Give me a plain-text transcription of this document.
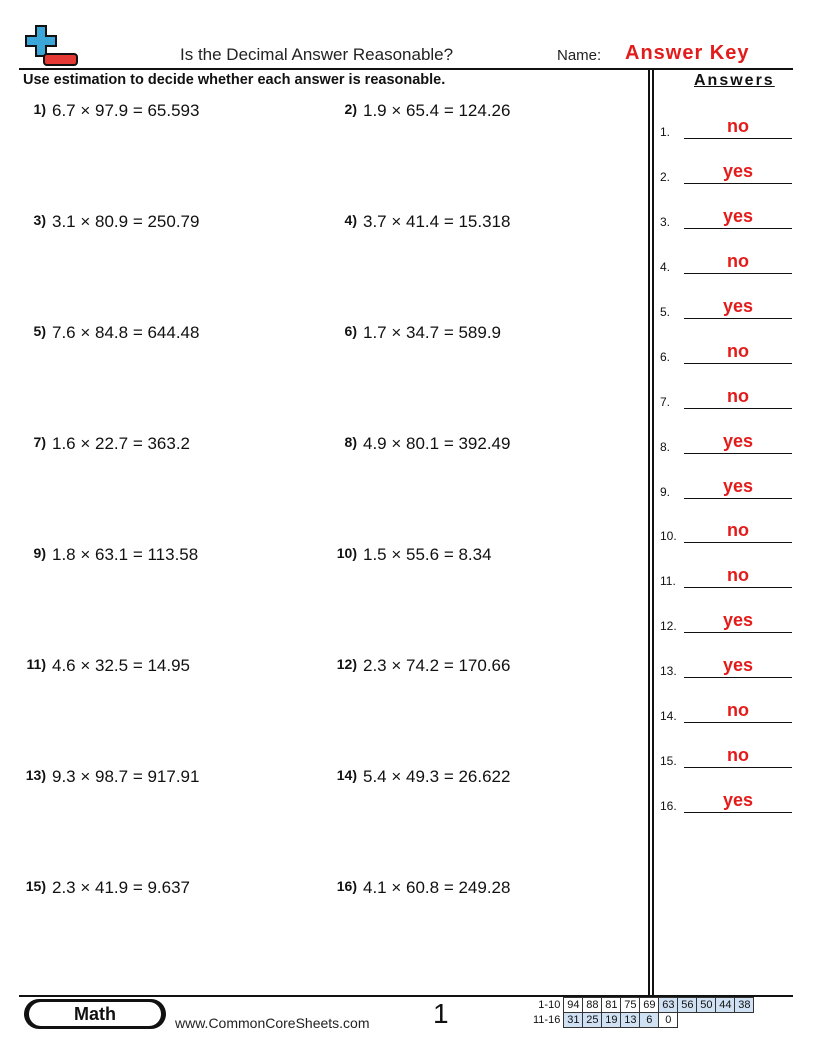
Is the Decimal Answer Reasonable?	Name: Answer Key
Use estimation to decide whether each answer is reasonable.	Answers
1) 6.7 × 97.9 = 65.593	2) 1.9 × 65.4 = 124.26
3) 3.1 × 80.9 = 250.79	4) 3.7 × 41.4 = 15.318
5) 7.6 × 84.8 = 644.48	6) 1.7 × 34.7 = 589.9
7) 1.6 × 22.7 = 363.2	8) 4.9 × 80.1 = 392.49
9) 1.8 × 63.1 = 113.58	10) 1.5 × 55.6 = 8.34
11) 4.6 × 32.5 = 14.95	12) 2.3 × 74.2 = 170.66
13) 9.3 × 98.7 = 917.91	14) 5.4 × 49.3 = 26.622
15) 2.3 × 41.9 = 9.637	16) 4.1 × 60.8 = 249.28
1.	no
2.	yes
3.	yes
4.	no
5.	yes
6.	no
7.	no
8.	yes
9.	yes
10.	no
11.	no
12.	yes
13.	yes
14.	no
15.	no
16.	yes
Math	www.CommonCoreSheets.com 1	1-10	94	88	81	75	69	63	56	50	44	38
11-16	31	25	19	13	6	0				
